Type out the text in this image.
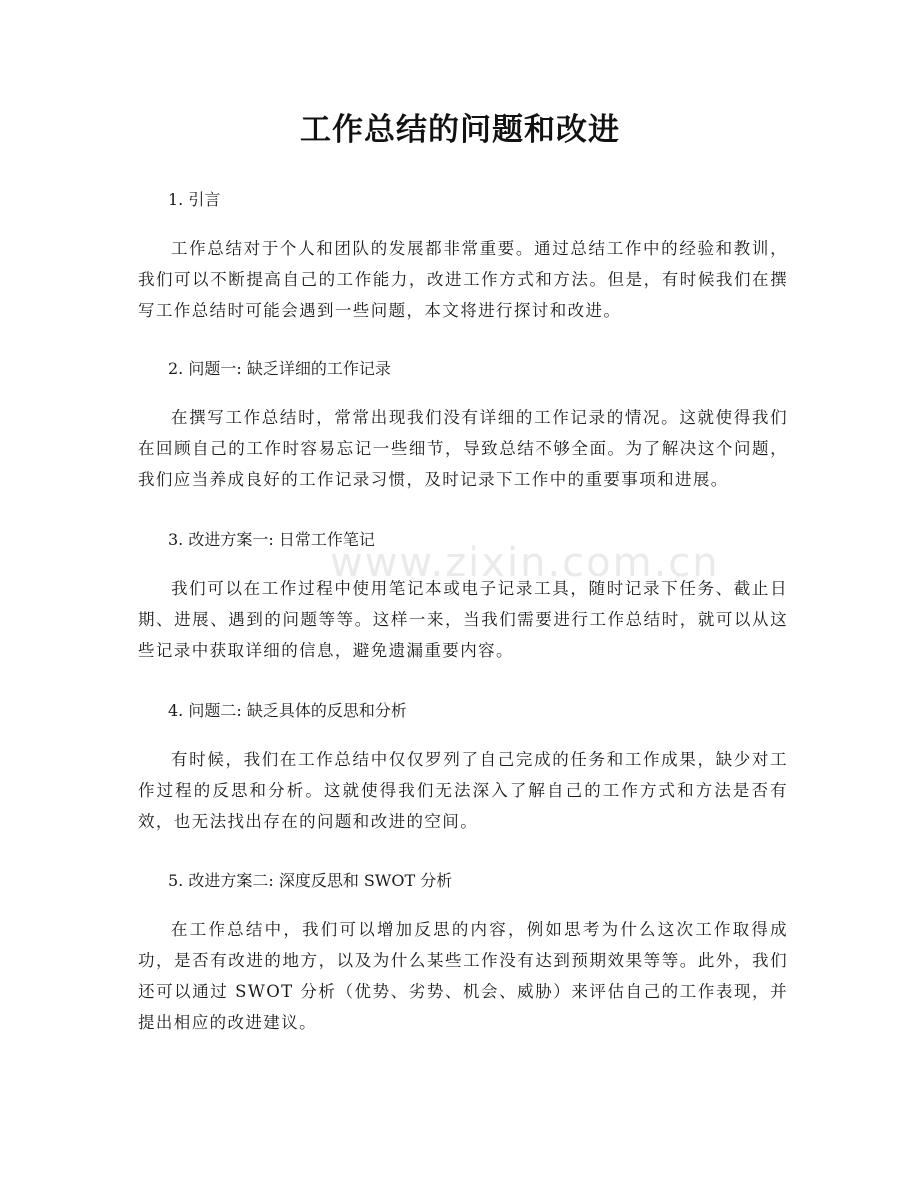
www.zixin.com.cn
工作总结的问题和改进
1. 引言
工作总结对于个人和团队的发展都非常重要。通过总结工作中的经验和教训，我们可以不断提高自己的工作能力，改进工作方式和方法。但是，有时候我们在撰写工作总结时可能会遇到一些问题，本文将进行探讨和改进。
2. 问题一: 缺乏详细的工作记录
在撰写工作总结时，常常出现我们没有详细的工作记录的情况。这就使得我们在回顾自己的工作时容易忘记一些细节，导致总结不够全面。为了解决这个问题，我们应当养成良好的工作记录习惯，及时记录下工作中的重要事项和进展。
3. 改进方案一: 日常工作笔记
我们可以在工作过程中使用笔记本或电子记录工具，随时记录下任务、截止日期、进展、遇到的问题等等。这样一来，当我们需要进行工作总结时，就可以从这些记录中获取详细的信息，避免遗漏重要内容。
4. 问题二: 缺乏具体的反思和分析
有时候，我们在工作总结中仅仅罗列了自己完成的任务和工作成果，缺少对工作过程的反思和分析。这就使得我们无法深入了解自己的工作方式和方法是否有效，也无法找出存在的问题和改进的空间。
5. 改进方案二: 深度反思和 SWOT 分析
在工作总结中，我们可以增加反思的内容，例如思考为什么这次工作取得成功，是否有改进的地方，以及为什么某些工作没有达到预期效果等等。此外，我们还可以通过 SWOT 分析（优势、劣势、机会、威胁）来评估自己的工作表现，并提出相应的改进建议。
